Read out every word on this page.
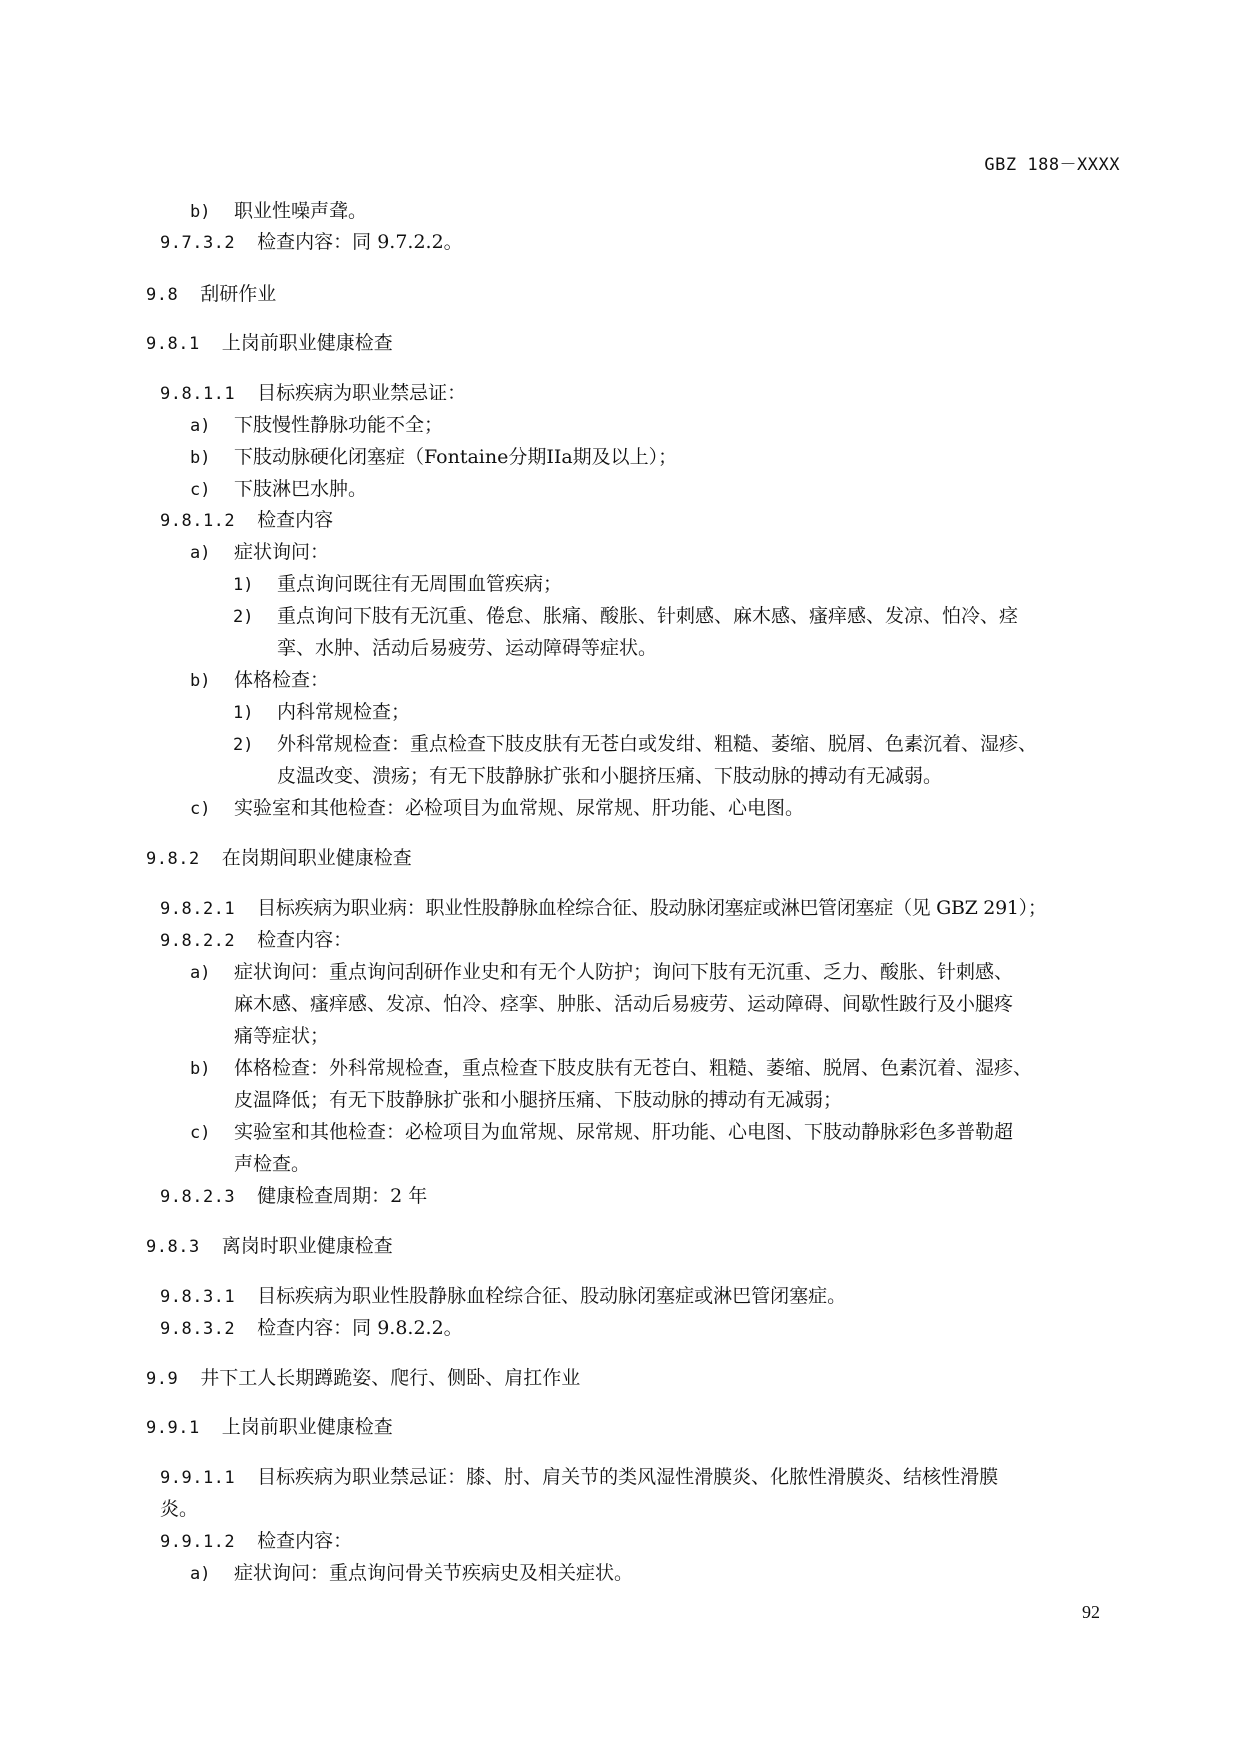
GBZ 188－XXXX
b) 职业性噪声聋。
9.7.3.2 检查内容：同 9.7.2.2。
9.8 刮研作业
9.8.1 上岗前职业健康检查
9.8.1.1 目标疾病为职业禁忌证：
a) 下肢慢性静脉功能不全；
b) 下肢动脉硬化闭塞症（Fontaine分期IIa期及以上）；
c) 下肢淋巴水肿。
9.8.1.2 检查内容
a) 症状询问：
1) 重点询问既往有无周围血管疾病；
2) 重点询问下肢有无沉重、倦怠、胀痛、酸胀、针刺感、麻木感、瘙痒感、发凉、怕冷、痉
挛、水肿、活动后易疲劳、运动障碍等症状。
b) 体格检查：
1) 内科常规检查；
2) 外科常规检查：重点检查下肢皮肤有无苍白或发绀、粗糙、萎缩、脱屑、色素沉着、湿疹、
皮温改变、溃疡；有无下肢静脉扩张和小腿挤压痛、下肢动脉的搏动有无减弱。
c) 实验室和其他检查：必检项目为血常规、尿常规、肝功能、心电图。
9.8.2 在岗期间职业健康检查
9.8.2.1 目标疾病为职业病：职业性股静脉血栓综合征、股动脉闭塞症或淋巴管闭塞症（见 GBZ 291）；
9.8.2.2 检查内容：
a) 症状询问：重点询问刮研作业史和有无个人防护；询问下肢有无沉重、乏力、酸胀、针刺感、
麻木感、瘙痒感、发凉、怕冷、痉挛、肿胀、活动后易疲劳、运动障碍、间歇性跛行及小腿疼
痛等症状；
b) 体格检查：外科常规检查，重点检查下肢皮肤有无苍白、粗糙、萎缩、脱屑、色素沉着、湿疹、
皮温降低；有无下肢静脉扩张和小腿挤压痛、下肢动脉的搏动有无减弱；
c) 实验室和其他检查：必检项目为血常规、尿常规、肝功能、心电图、下肢动静脉彩色多普勒超
声检查。
9.8.2.3 健康检查周期：2 年
9.8.3 离岗时职业健康检查
9.8.3.1 目标疾病为职业性股静脉血栓综合征、股动脉闭塞症或淋巴管闭塞症。
9.8.3.2 检查内容：同 9.8.2.2。
9.9 井下工人长期蹲跪姿、爬行、侧卧、肩扛作业
9.9.1 上岗前职业健康检查
9.9.1.1 目标疾病为职业禁忌证：膝、肘、肩关节的类风湿性滑膜炎、化脓性滑膜炎、结核性滑膜
炎。
9.9.1.2 检查内容：
a) 症状询问：重点询问骨关节疾病史及相关症状。
92
